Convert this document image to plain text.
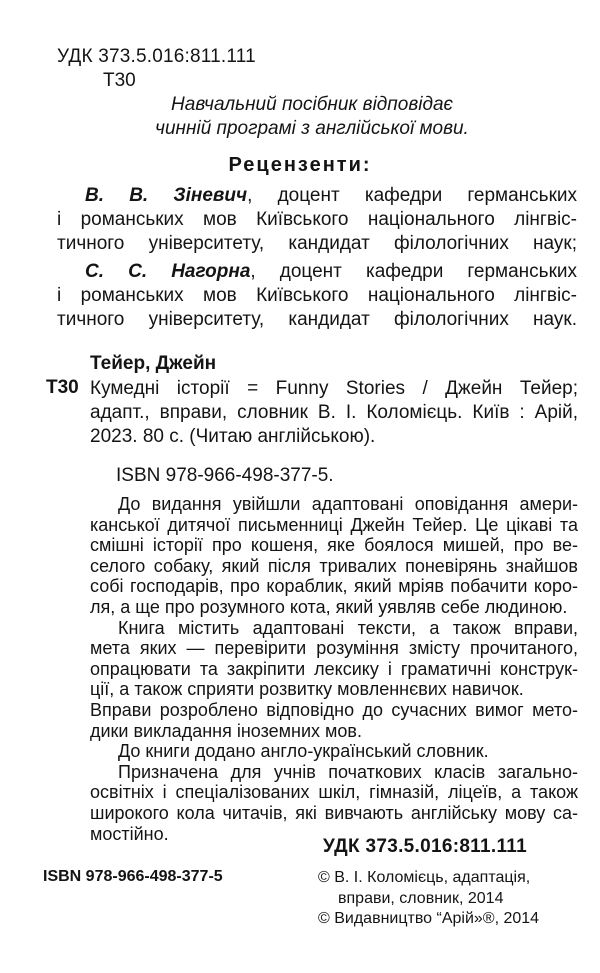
УДК 373.5.016:811.111
Т30
Навчальний посібник відповідає
чинній програмі з англійської мови.
Рецензенти:
В. В. Зіневич, доцент кафедри германських
і романських мов Київського національного лінгвіс-
тичного університету, кандидат філологічних наук;
С. С. Нагорна, доцент кафедри германських
і романських мов Київського національного лінгвіс-
тичного університету, кандидат філологічних наук.
Тейер, Джейн
Т30 Кумедні історії = Funny Stories / Джейн Тейер;
адапт., вправи, словник В. І. Коломієць. Київ : Арій,
2023. 80 с. (Читаю англійською).
ISBN 978-966-498-377-5.
До видання увійшли адаптовані оповідання амери-
канської дитячої письменниці Джейн Тейер. Це цікаві та
смішні історії про кошеня, яке боялося мишей, про ве-
селого собаку, який після тривалих поневірянь знайшов
собі господарів, про кораблик, який мріяв побачити коро-
ля, а ще про розумного кота, який уявляв себе людиною.
Книга містить адаптовані тексти, а також вправи,
мета яких — перевірити розуміння змісту прочитаного,
опрацювати та закріпити лексику і граматичні конструк-
ції, а також сприяти розвитку мовленнєвих навичок.
Вправи розроблено відповідно до сучасних вимог мето-
дики викладання іноземних мов.
До книги додано англо-український словник.
Призначена для учнів початкових класів загально-
освітніх і спеціалізованих шкіл, гімназій, ліцеїв, а також
широкого кола читачів, які вивчають англійську мову са-
мостійно.
УДК 373.5.016:811.111
ISBN 978-966-498-377-5	© В. І. Коломієць, адаптація,
вправи, словник, 2014
© Видавництво “Арій»®, 2014
